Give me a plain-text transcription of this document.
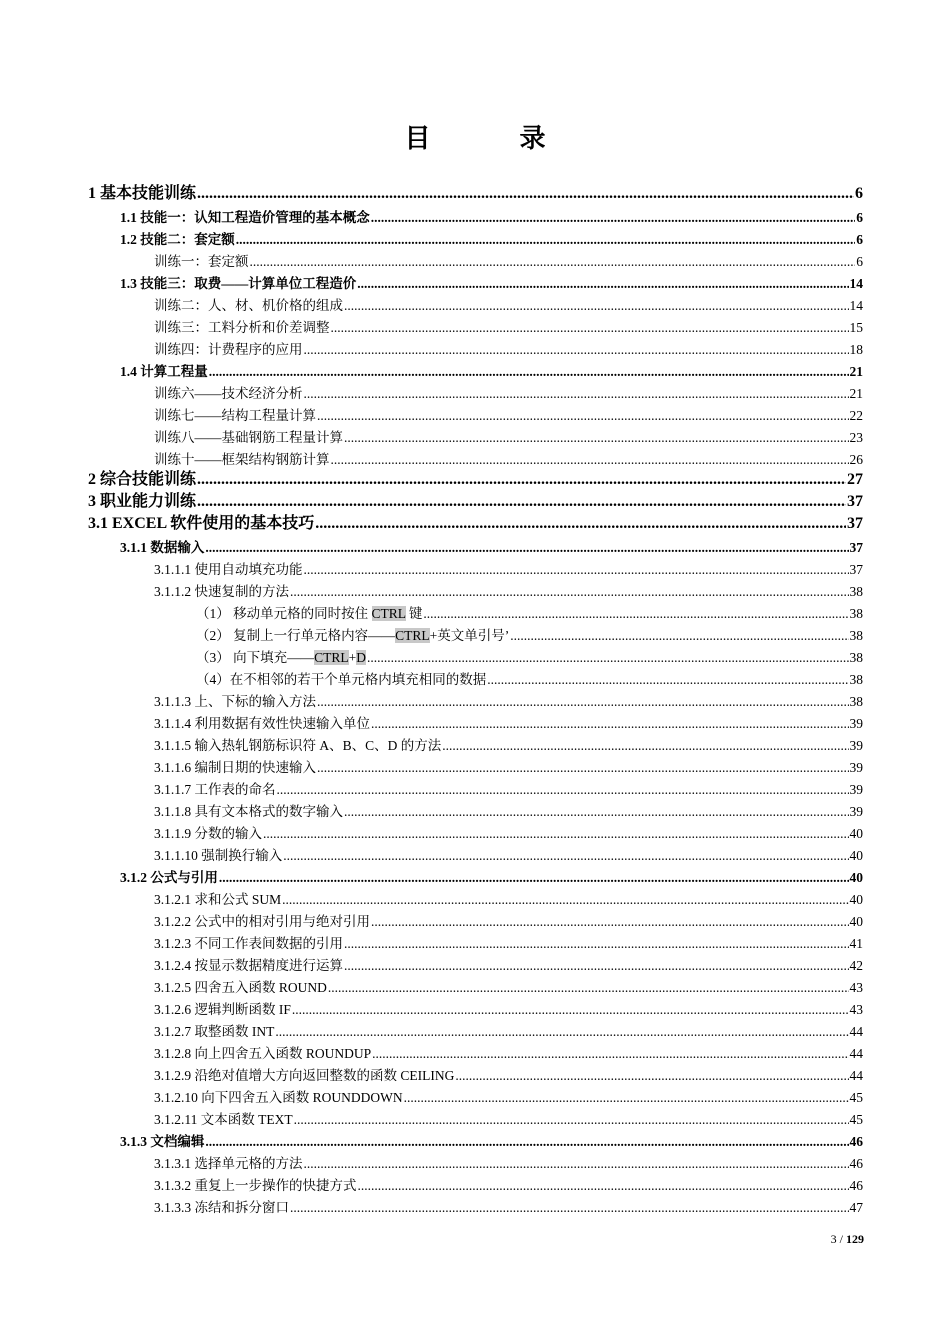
目 录
1 基本技能训练 .....	6
1.1 技能一：认知工程造价管理的基本概念 .....	6
1.2 技能二：套定额 .....	6
训练一：套定额 .....	6
1.3 技能三：取费——计算单位工程造价 .....	14
训练二：人、材、机价格的组成 .....	14
训练三：工料分析和价差调整 .....	15
训练四：计费程序的应用 .....	18
1.4 计算工程量 .....	21
训练六——技术经济分析 .....	21
训练七——结构工程量计算 .....	22
训练八——基础钢筋工程量计算 .....	23
训练十——框架结构钢筋计算 .....	26
2 综合技能训练 .....	27
3 职业能力训练 .....	37
3.1 EXCEL 软件使用的基本技巧 .....	37
3.1.1 数据输入 .....	37
3.1.1.1 使用自动填充功能 .....	37
3.1.1.2 快速复制的方法 .....	38
（1） 移动单元格的同时按住 CTRL 键 .....	38
（2） 复制上一行单元格内容——CTRL+英文单引号’ .....	38
（3） 向下填充——CTRL+D .....	38
（4）在不相邻的若干个单元格内填充相同的数据 .....	38
3.1.1.3 上、下标的输入方法 .....	38
3.1.1.4 利用数据有效性快速输入单位 .....	39
3.1.1.5 输入热轧钢筋标识符 A、B、C、D 的方法 .....	39
3.1.1.6 编制日期的快速输入 .....	39
3.1.1.7 工作表的命名 .....	39
3.1.1.8 具有文本格式的数字输入 .....	39
3.1.1.9 分数的输入 .....	40
3.1.1.10 强制换行输入 .....	40
3.1.2 公式与引用 .....	40
3.1.2.1 求和公式 SUM .....	40
3.1.2.2 公式中的相对引用与绝对引用 .....	40
3.1.2.3 不同工作表间数据的引用 .....	41
3.1.2.4 按显示数据精度进行运算 .....	42
3.1.2.5 四舍五入函数 ROUND .....	43
3.1.2.6 逻辑判断函数 IF .....	43
3.1.2.7 取整函数 INT .....	44
3.1.2.8 向上四舍五入函数 ROUNDUP .....	44
3.1.2.9 沿绝对值增大方向返回整数的函数 CEILING .....	44
3.1.2.10 向下四舍五入函数 ROUNDDOWN .....	45
3.1.2.11 文本函数 TEXT .....	45
3.1.3 文档编辑 .....	46
3.1.3.1 选择单元格的方法 .....	46
3.1.3.2 重复上一步操作的快捷方式 .....	46
3.1.3.3 冻结和拆分窗口 .....	47
3 / 129
